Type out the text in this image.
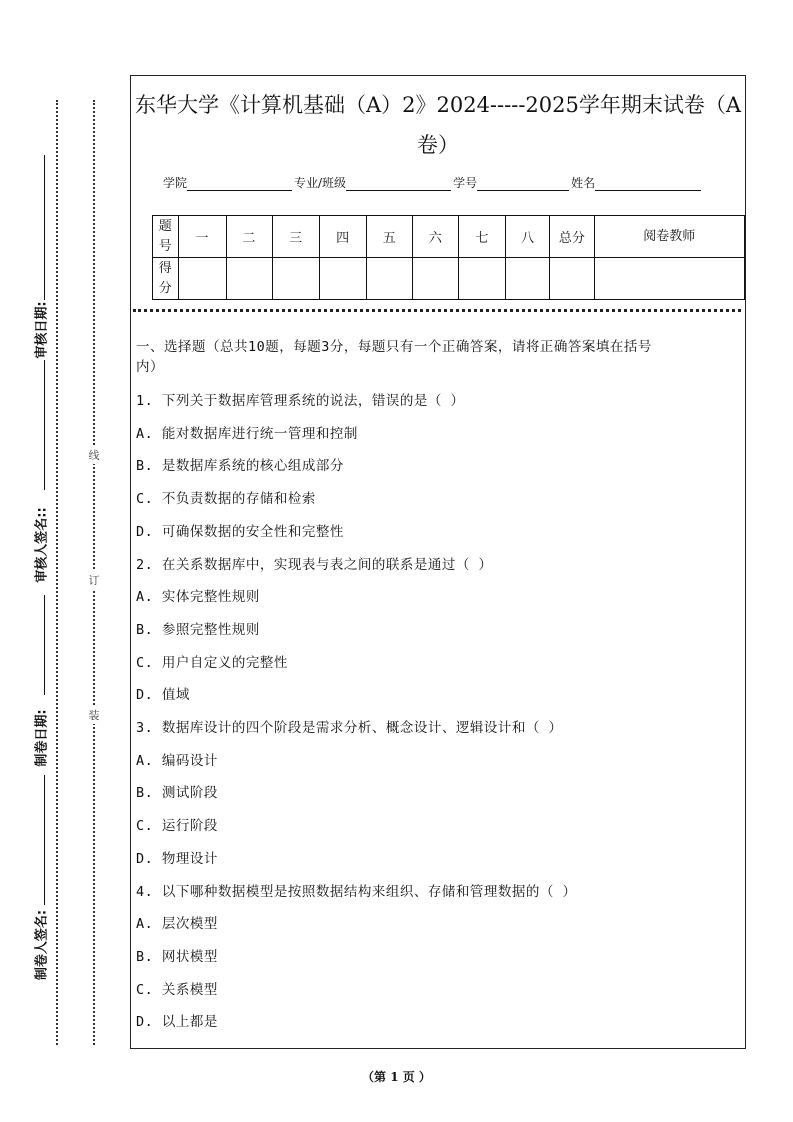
审核日期:
审核人签名::
制卷日期:
制卷人签名:
线
订
装
东华大学《计算机基础（A）2》2024-----2025学年期末试卷（A
卷）
学院	专业/班级	学号	姓名
题号	一	二	三	四	五	六	七	八	总分	阅卷教师
得分										
一、选择题（总共10题，每题3分，每题只有一个正确答案，请将正确答案填在括号
内）
1. 下列关于数据库管理系统的说法，错误的是（ ）
A. 能对数据库进行统一管理和控制
B. 是数据库系统的核心组成部分
C. 不负责数据的存储和检索
D. 可确保数据的安全性和完整性
2. 在关系数据库中，实现表与表之间的联系是通过（ ）
A. 实体完整性规则
B. 参照完整性规则
C. 用户自定义的完整性
D. 值域
3. 数据库设计的四个阶段是需求分析、概念设计、逻辑设计和（ ）
A. 编码设计
B. 测试阶段
C. 运行阶段
D. 物理设计
4. 以下哪种数据模型是按照数据结构来组织、存储和管理数据的（ ）
A. 层次模型
B. 网状模型
C. 关系模型
D. 以上都是
（第 1 页 ）
